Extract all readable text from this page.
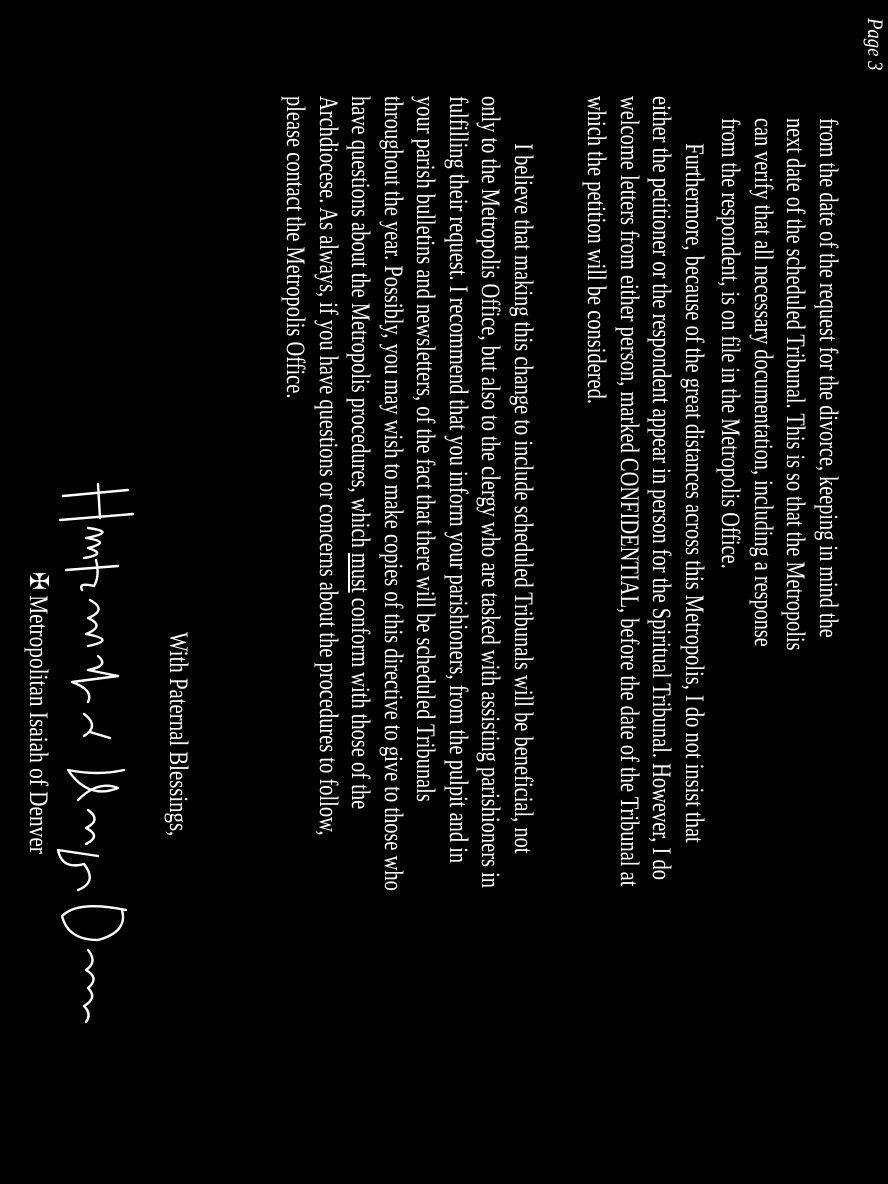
Page 3
from the date of the request for the divorce, keeping in mind the
next date of the scheduled Tribunal. This is so that the Metropolis
can verify that all necessary documentation, including a response
from the respondent, is on file in the Metropolis Office.
Furthermore, because of the great distances across this Metropolis, I do not insist that
either the petitioner or the respondent appear in person for the Spiritual Tribunal. However, I do
welcome letters from either person, marked CONFIDENTIAL, before the date of the Tribunal at
which the petition will be considered.
I believe that making this change to include scheduled Tribunals will be beneficial, not
only to the Metropolis Office, but also to the clergy who are tasked with assisting parishioners in
fulfilling their request. I recommend that you inform your parishioners, from the pulpit and in
your parish bulletins and newsletters, of the fact that there will be scheduled Tribunals
throughout the year. Possibly, you may wish to make copies of this directive to give to those who
have questions about the Metropolis procedures, which must conform with those of the
Archdiocese. As always, if you have questions or concerns about the procedures to follow,
please contact the Metropolis Office.
With Paternal Blessings,
†Metropolitan Isaiah of Denver
✠ Metropolitan Isaiah of Denver
